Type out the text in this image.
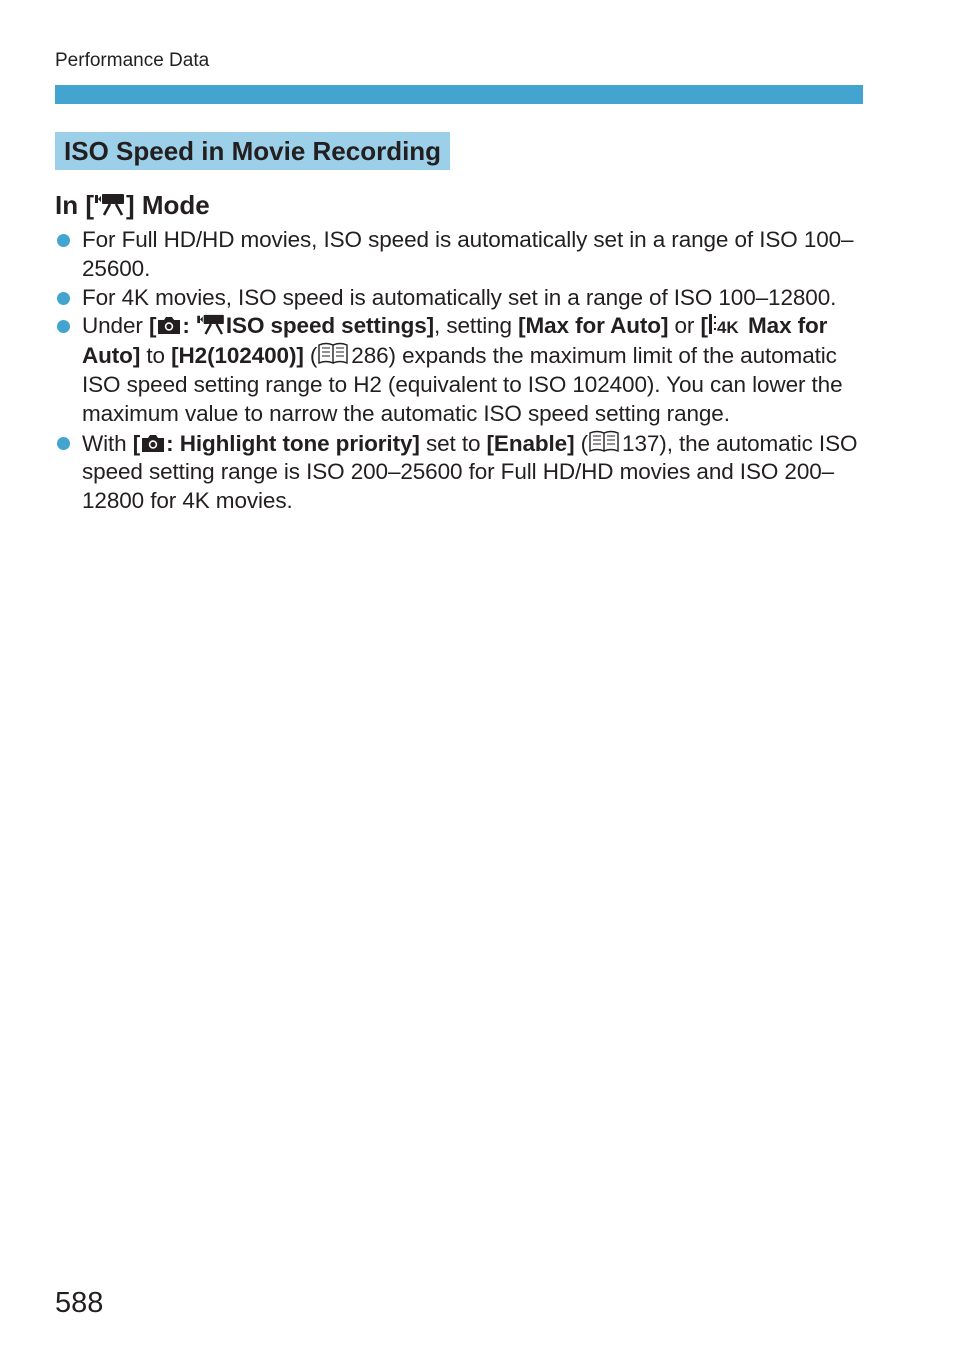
Performance Data
ISO Speed in Movie Recording
In [ ] Mode
For Full HD/HD movies, ISO speed is automatically set in a range of ISO 100–25600.
For 4K movies, ISO speed is automatically set in a range of ISO 100–12800.
Under [ : ISO speed settings], setting [Max for Auto] or [ 4K Max for Auto] to [H2(102400)] ( 286) expands the maximum limit of the automatic ISO speed setting range to H2 (equivalent to ISO 102400). You can lower the maximum value to narrow the automatic ISO speed setting range.
With [ : Highlight tone priority] set to [Enable] ( 137), the automatic ISO speed setting range is ISO 200–25600 for Full HD/HD movies and ISO 200–12800 for 4K movies.
588
